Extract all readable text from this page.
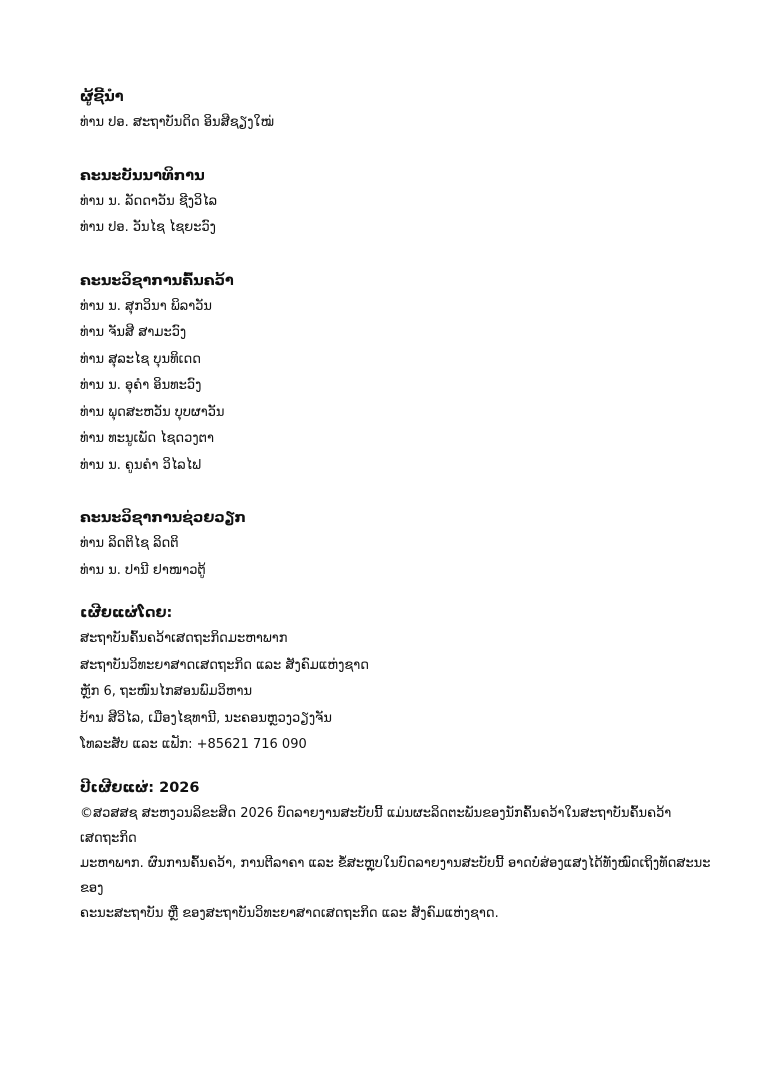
ຜູ້ຊີ້ນຳ
ທ່ານ ປອ. ສະຖາບັນດິດ ອິນສີຊຽງໃໝ່
ຄະນະບັນນາທິການ
ທ່ານ ນ. ລັດດາວັນ ຊີງວິໄລ
ທ່ານ ປອ. ວັນໄຊ ໄຊຍະວົງ
ຄະນະວິຊາການຄົ້ນຄວ້າ
ທ່ານ ນ. ສຸກວິນາ ພິລາວັນ
ທ່ານ ຈັນສີ ສາມະວົງ
ທ່ານ ສຸລະໄຊ ບຸນທິເດດ
ທ່ານ ນ. ອຸຄຳ ອິນທະວົງ
ທ່ານ ພຸດສະຫວັນ ບຸບຜາວັນ
ທ່ານ ທະນູເພັດ ໄຊດວງຕາ
ທ່ານ ນ. ຄູນຄຳ ວິໄລໄຟ
ຄະນະວິຊາການຊ່ວຍວຽກ
ທ່ານ ລິດຕິໄຊ ລິດຕິ
ທ່ານ ນ. ປານີ ຢາໜາວຕູ້
ເຜີຍແຜ່ໂດຍ:
ສະຖາບັນຄົ້ນຄວ້າເສດຖະກິດມະຫາພາກ
ສະຖາບັນວິທະຍາສາດເສດຖະກິດ ແລະ ສັງຄົມແຫ່ງຊາດ
ຫຼັກ 6, ຖະໜົນໄກສອນພົມວິຫານ
ບ້ານ ສີວິໄລ, ເມືອງໄຊທານີ, ນະຄອນຫຼວງວຽງຈັນ
ໂທລະສັບ ແລະ ແຟັກ: +85621 716 090
ປີເຜີຍແຜ່: 2026
©ສວສສຊ ສະຫງວນລິຂະສິດ 2026 ບົດລາຍງານສະບັບນີ້ ແມ່ນຜະລິດຕະພັນຂອງນັກຄົ້ນຄວ້າໃນສະຖາບັນຄົ້ນຄວ້າເສດຖະກິດ
ມະຫາພາກ. ຜົນການຄົ້ນຄວ້າ, ການຕີລາຄາ ແລະ ຂໍ້ສະຫຼຸບໃນບົດລາຍງານສະບັບນີ້ ອາດບໍ່ສ່ອງແສງໄດ້ທັງໝົດເຖິງທັດສະນະຂອງ
ຄະນະສະຖາບັນ ຫຼື ຂອງສະຖາບັນວິທະຍາສາດເສດຖະກິດ ແລະ ສັງຄົມແຫ່ງຊາດ.
